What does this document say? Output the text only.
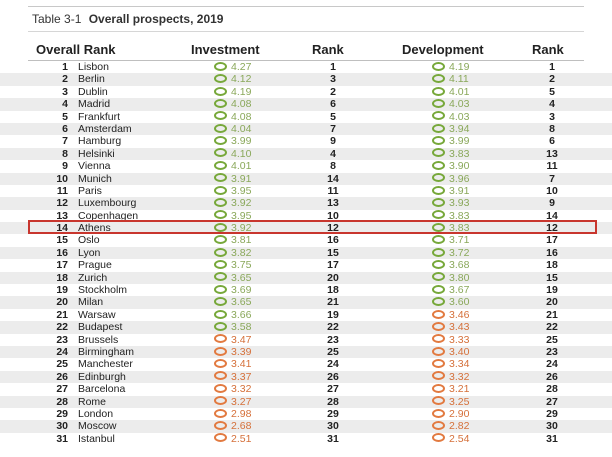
Table 3-1 Overall prospects, 2019
Overall Rank	Investment	Rank	Development	Rank
1 Lisbon	4.27	1	4.19	1
2 Berlin	4.12	3	4.11	2
3 Dublin	4.19	2	4.01	5
4 Madrid	4.08	6	4.03	4
5 Frankfurt	4.08	5	4.03	3
6 Amsterdam	4.04	7	3.94	8
7 Hamburg	3.99	9	3.99	6
8 Helsinki	4.10	4	3.83	13
9 Vienna	4.01	8	3.90	11
10 Munich	3.91	14	3.96	7
11 Paris	3.95	11	3.91	10
12 Luxembourg	3.92	13	3.93	9
13 Copenhagen	3.95	10	3.83	14
14 Athens	3.92	12	3.83	12
15 Oslo	3.81	16	3.71	17
16 Lyon	3.82	15	3.72	16
17 Prague	3.75	17	3.68	18
18 Zurich	3.65	20	3.80	15
19 Stockholm	3.69	18	3.67	19
20 Milan	3.65	21	3.60	20
21 Warsaw	3.66	19	3.46	21
22 Budapest	3.58	22	3.43	22
23 Brussels	3.47	23	3.33	25
24 Birmingham	3.39	25	3.40	23
25 Manchester	3.41	24	3.34	24
26 Edinburgh	3.37	26	3.32	26
27 Barcelona	3.32	27	3.21	28
28 Rome	3.27	28	3.25	27
29 London	2.98	29	2.90	29
30 Moscow	2.68	30	2.82	30
31 Istanbul	2.51	31	2.54	31
